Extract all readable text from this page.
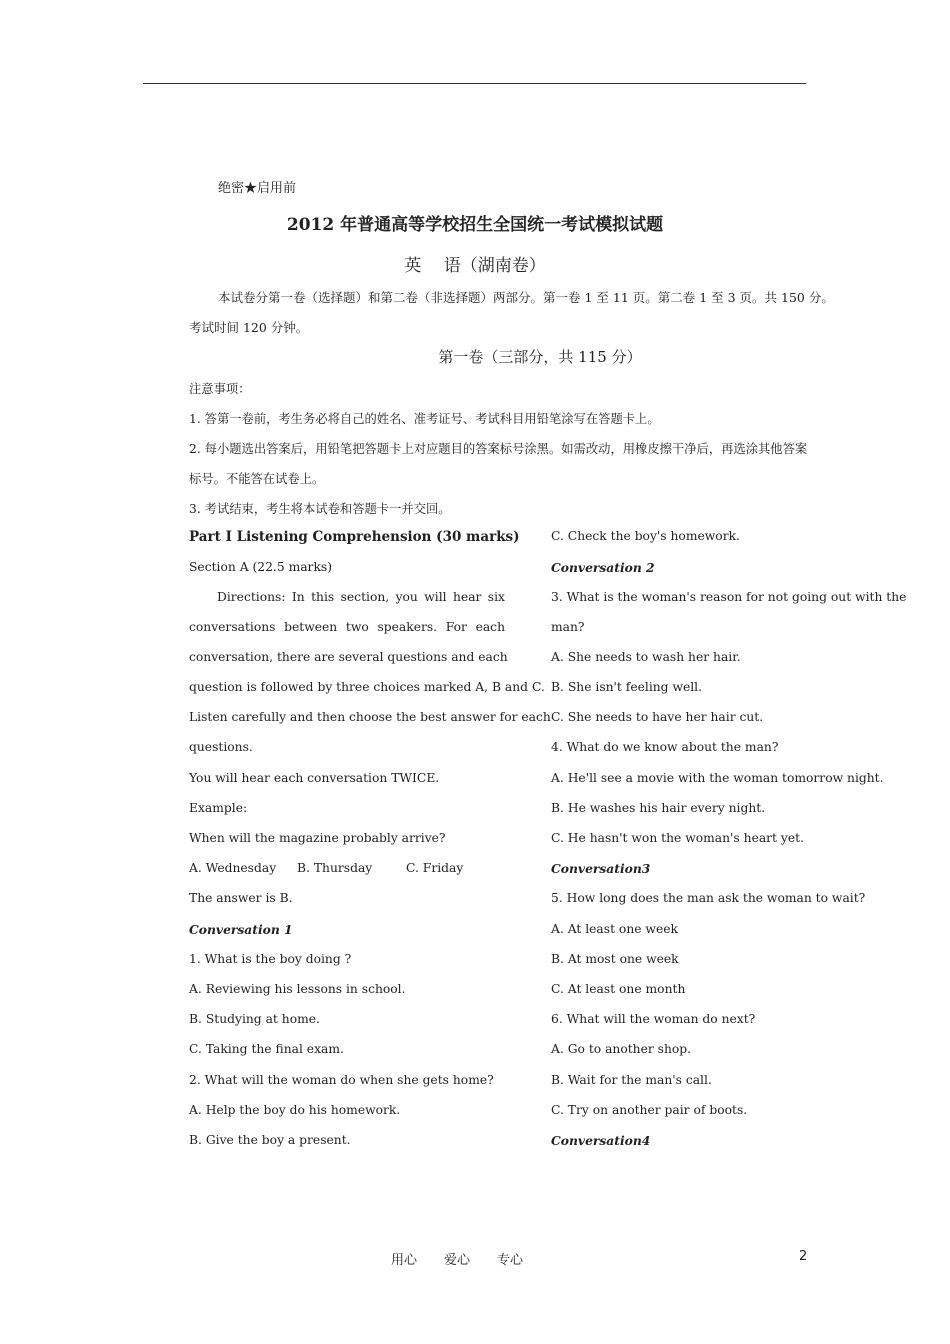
绝密★启用前
2012 年普通高等学校招生全国统一考试模拟试题
英　 语（湖南卷）
本试卷分第一卷（选择题）和第二卷（非选择题）两部分。第一卷 1 至 11 页。第二卷 1 至 3 页。共 150 分。
考试时间 120 分钟。
第一卷（三部分，共 115 分）
注意事项：
1. 答第一卷前，考生务必将自己的姓名、准考证号、考试科目用铅笔涂写在答题卡上。
2. 每小题选出答案后，用铅笔把答题卡上对应题目的答案标号涂黑。如需改动，用橡皮擦干净后，再选涂其他答案
标号。不能答在试卷上。
3. 考试结束，考生将本试卷和答题卡一并交回。
Part I Listening Comprehension (30 marks)
Section A (22.5 marks)
Directions: In this section, you will hear six
conversations between two speakers. For each
conversation, there are several questions and each
question is followed by three choices marked A, B and C.
Listen carefully and then choose the best answer for each
questions.
You will hear each conversation TWICE.
Example:
When will the magazine probably arrive?
A. Wednesday B. Thursday	C. Friday
The answer is B.
Conversation 1
1. What is the boy doing ?
A. Reviewing his lessons in school.
B. Studying at home.
C. Taking the final exam.
2. What will the woman do when she gets home?
A. Help the boy do his homework.
B. Give the boy a present.
C. Check the boy's homework.
Conversation 2
3. What is the woman's reason for not going out with the
man?
A. She needs to wash her hair.
B. She isn't feeling well.
C. She needs to have her hair cut.
4. What do we know about the man?
A. He'll see a movie with the woman tomorrow night.
B. He washes his hair every night.
C. He hasn't won the woman's heart yet.
Conversation3
5. How long does the man ask the woman to wait?
A. At least one week
B. At most one week
C. At least one month
6. What will the woman do next?
A. Go to another shop.
B. Wait for the man's call.
C. Try on another pair of boots.
Conversation4
用心 爱心 专心	2
